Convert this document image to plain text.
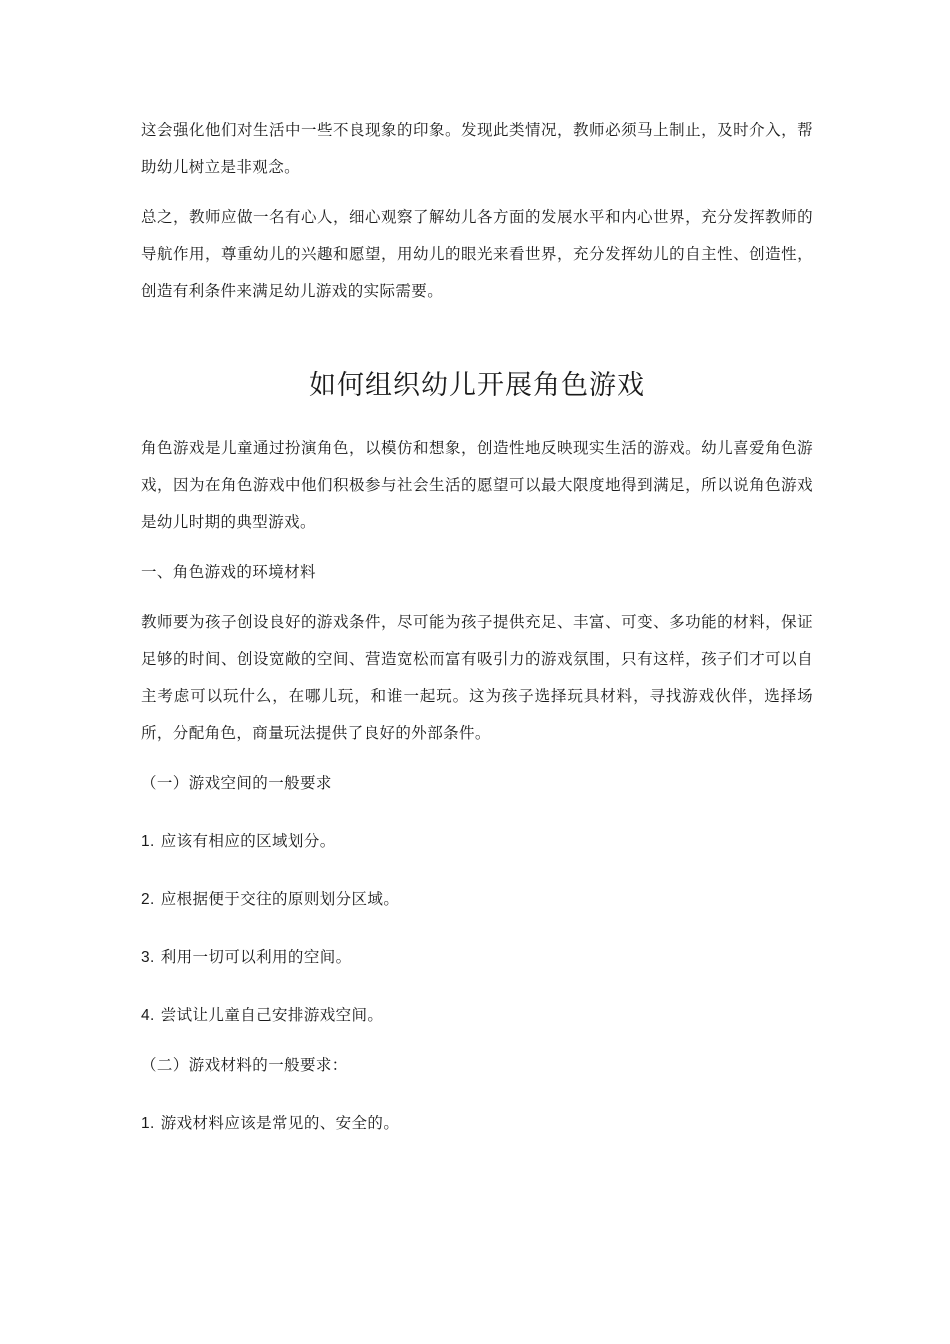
这会强化他们对生活中一些不良现象的印象。发现此类情况，教师必须马上制止，及时介入，帮助幼儿树立是非观念。

总之，教师应做一名有心人，细心观察了解幼儿各方面的发展水平和内心世界，充分发挥教师的导航作用，尊重幼儿的兴趣和愿望，用幼儿的眼光来看世界，充分发挥幼儿的自主性、创造性，创造有利条件来满足幼儿游戏的实际需要。

如何组织幼儿开展角色游戏

角色游戏是儿童通过扮演角色，以模仿和想象，创造性地反映现实生活的游戏。幼儿喜爱角色游戏，因为在角色游戏中他们积极参与社会生活的愿望可以最大限度地得到满足，所以说角色游戏是幼儿时期的典型游戏。

一、角色游戏的环境材料

教师要为孩子创设良好的游戏条件，尽可能为孩子提供充足、丰富、可变、多功能的材料，保证足够的时间、创设宽敞的空间、营造宽松而富有吸引力的游戏氛围，只有这样，孩子们才可以自主考虑可以玩什么，在哪儿玩，和谁一起玩。这为孩子选择玩具材料，寻找游戏伙伴，选择场所，分配角色，商量玩法提供了良好的外部条件。

（一）游戏空间的一般要求

1. 应该有相应的区域划分。

2. 应根据便于交往的原则划分区域。

3. 利用一切可以利用的空间。

4. 尝试让儿童自己安排游戏空间。

（二）游戏材料的一般要求：

1. 游戏材料应该是常见的、安全的。
